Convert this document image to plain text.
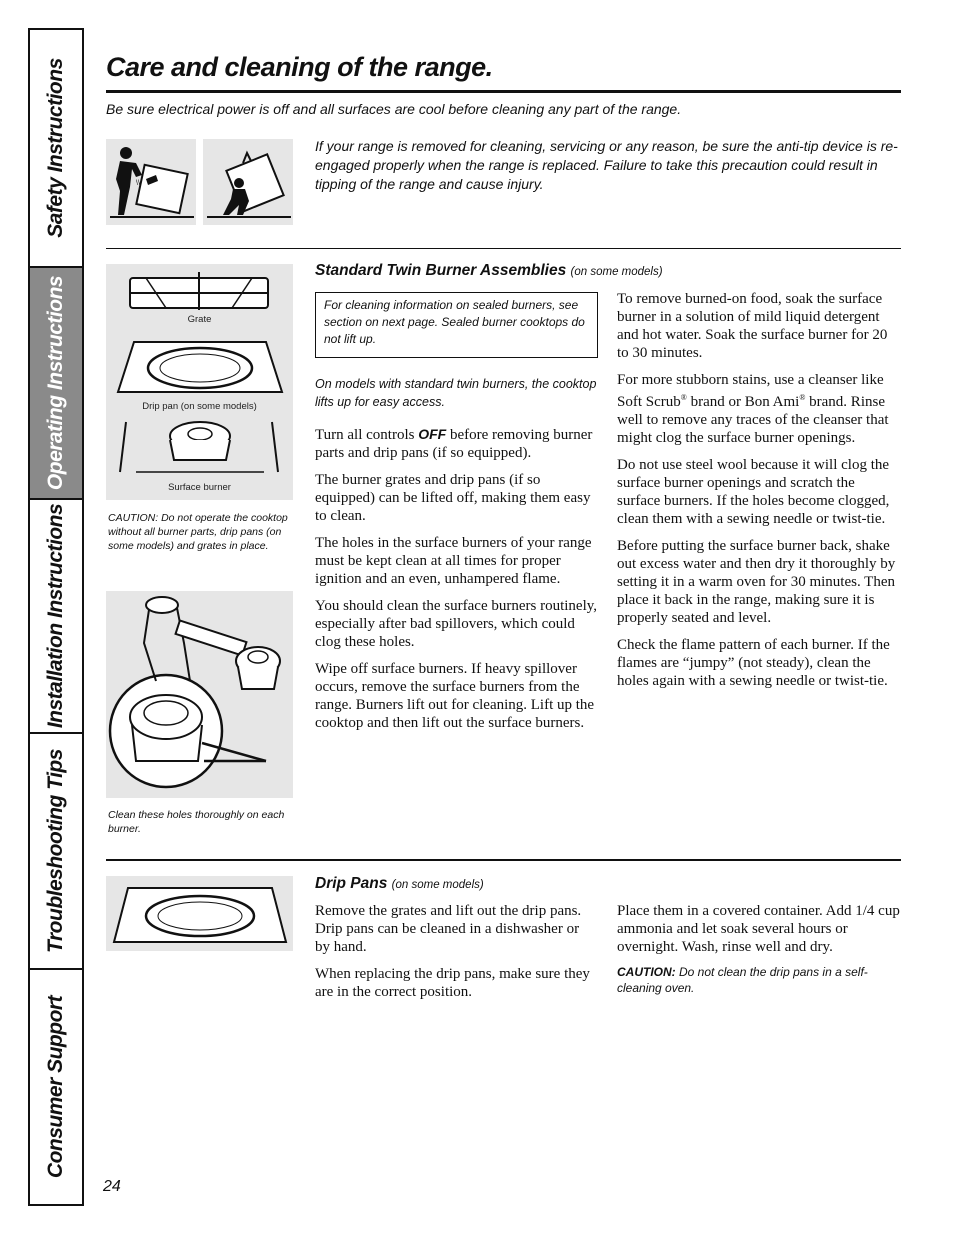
Safety Instructions
Operating Instructions
Installation Instructions
Troubleshooting Tips
Consumer Support
Care and cleaning of the range.
Be sure electrical power is off and all surfaces are cool before cleaning any part of the range.
\\
If your range is removed for cleaning, servicing or any reason, be sure the anti-tip device is re-engaged properly when the range is replaced. Failure to take this precaution could result in tipping of the range and cause injury.
Grate
Drip pan (on some models)
Surface burner
CAUTION: Do not operate the cooktop without all burner parts, drip pans (on some models) and grates in place.
Clean these holes thoroughly on each burner.
Standard Twin Burner Assemblies (on some models)
For cleaning information on sealed burners, see section on next page. Sealed burner cooktops do not lift up.

On models with standard twin burners, the cooktop lifts up for easy access.

Turn all controls OFF before removing burner parts and drip pans (if so equipped).

The burner grates and drip pans (if so equipped) can be lifted off, making them easy to clean.

The holes in the surface burners of your range must be kept clean at all times for proper ignition and an even, unhampered flame.

You should clean the surface burners routinely, especially after bad spillovers, which could clog these holes.

Wipe off surface burners. If heavy spillover occurs, remove the surface burners from the range. Burners lift out for cleaning. Lift up the cooktop and then lift out the surface burners.

To remove burned-on food, soak the surface burner in a solution of mild liquid detergent and hot water. Soak the surface burner for 20 to 30 minutes.

For more stubborn stains, use a cleanser like Soft Scrub® brand or Bon Ami® brand. Rinse well to remove any traces of the cleanser that might clog the surface burner openings.

Do not use steel wool because it will clog the surface burner openings and scratch the surface burners. If the holes become clogged, clean them with a sewing needle or twist-tie.

Before putting the surface burner back, shake out excess water and then dry it thoroughly by setting it in a warm oven for 30 minutes. Then place it back in the range, making sure it is properly seated and level.

Check the flame pattern of each burner. If the flames are “jumpy” (not steady), clean the holes again with a sewing needle or twist-tie.

Drip Pans (on some models)

Remove the grates and lift out the drip pans. Drip pans can be cleaned in a dishwasher or by hand.

When replacing the drip pans, make sure they are in the correct position.

Place them in a covered container. Add 1/4 cup ammonia and let soak several hours or overnight. Wash, rinse well and dry.

CAUTION: Do not clean the drip pans in a self-cleaning oven.

24
